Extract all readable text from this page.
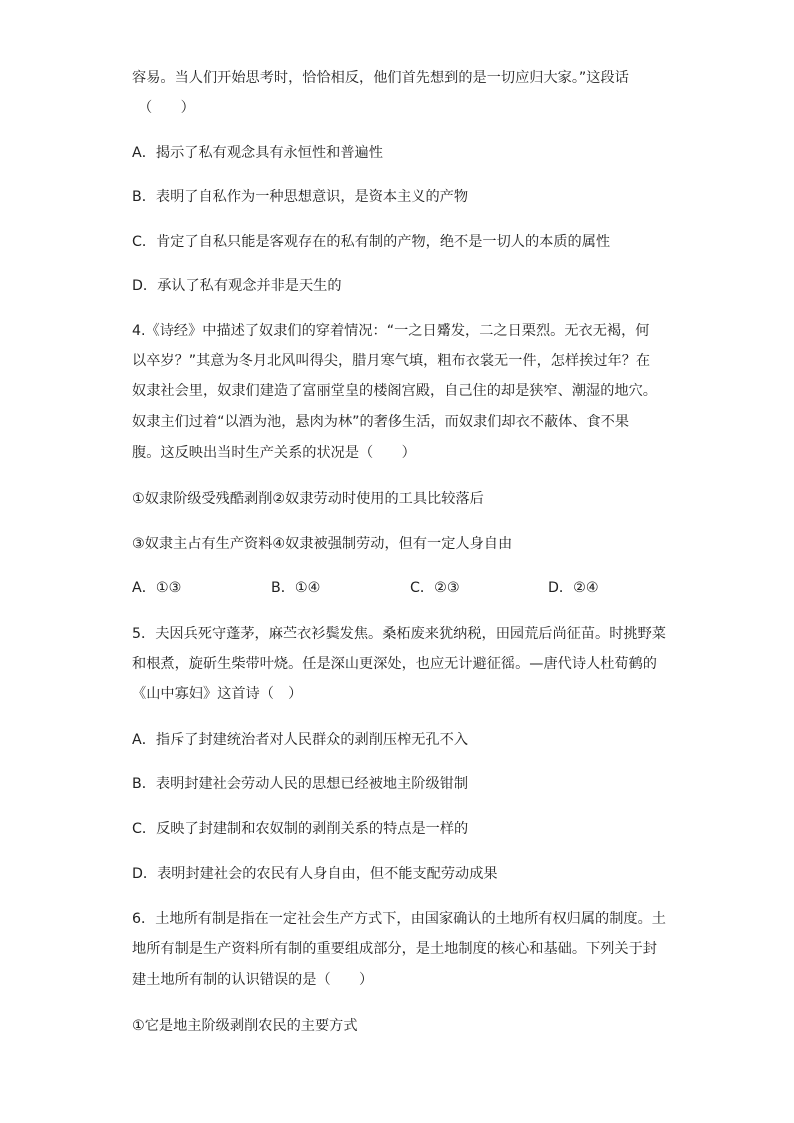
容易。当人们开始思考时，恰恰相反，他们首先想到的是一切应归大家。”这段话
（　　）
A．揭示了私有观念具有永恒性和普遍性
B．表明了自私作为一种思想意识，是资本主义的产物
C．肯定了自私只能是客观存在的私有制的产物，绝不是一切人的本质的属性
D．承认了私有观念并非是天生的
4.《诗经》中描述了奴隶们的穿着情况：“一之日觱发，二之日栗烈。无衣无褐，何
以卒岁？”其意为冬月北风叫得尖，腊月寒气填，粗布衣裳无一件，怎样挨过年？在
奴隶社会里，奴隶们建造了富丽堂皇的楼阁宫殿，自己住的却是狭窄、潮湿的地穴。
奴隶主们过着“以酒为池，悬肉为林”的奢侈生活，而奴隶们却衣不蔽体、食不果
腹。这反映出当时生产关系的状况是（　　）
①奴隶阶级受残酷剥削②奴隶劳动时使用的工具比较落后
③奴隶主占有生产资料④奴隶被强制劳动，但有一定人身自由
A．①③	B．①④	C．②③	D．②④
5．夫因兵死守蓬茅，麻苎衣衫鬓发焦。桑柘废来犹纳税，田园荒后尚征苗。时挑野菜
和根煮，旋斫生柴带叶烧。任是深山更深处，也应无计避征徭。—唐代诗人杜荀鹤的
《山中寡妇》这首诗（　）
A．指斥了封建统治者对人民群众的剥削压榨无孔不入
B．表明封建社会劳动人民的思想已经被地主阶级钳制
C．反映了封建制和农奴制的剥削关系的特点是一样的
D．表明封建社会的农民有人身自由，但不能支配劳动成果
6．土地所有制是指在一定社会生产方式下，由国家确认的土地所有权归属的制度。土
地所有制是生产资料所有制的重要组成部分，是土地制度的核心和基础。下列关于封
建土地所有制的认识错误的是（　　）
①它是地主阶级剥削农民的主要方式
